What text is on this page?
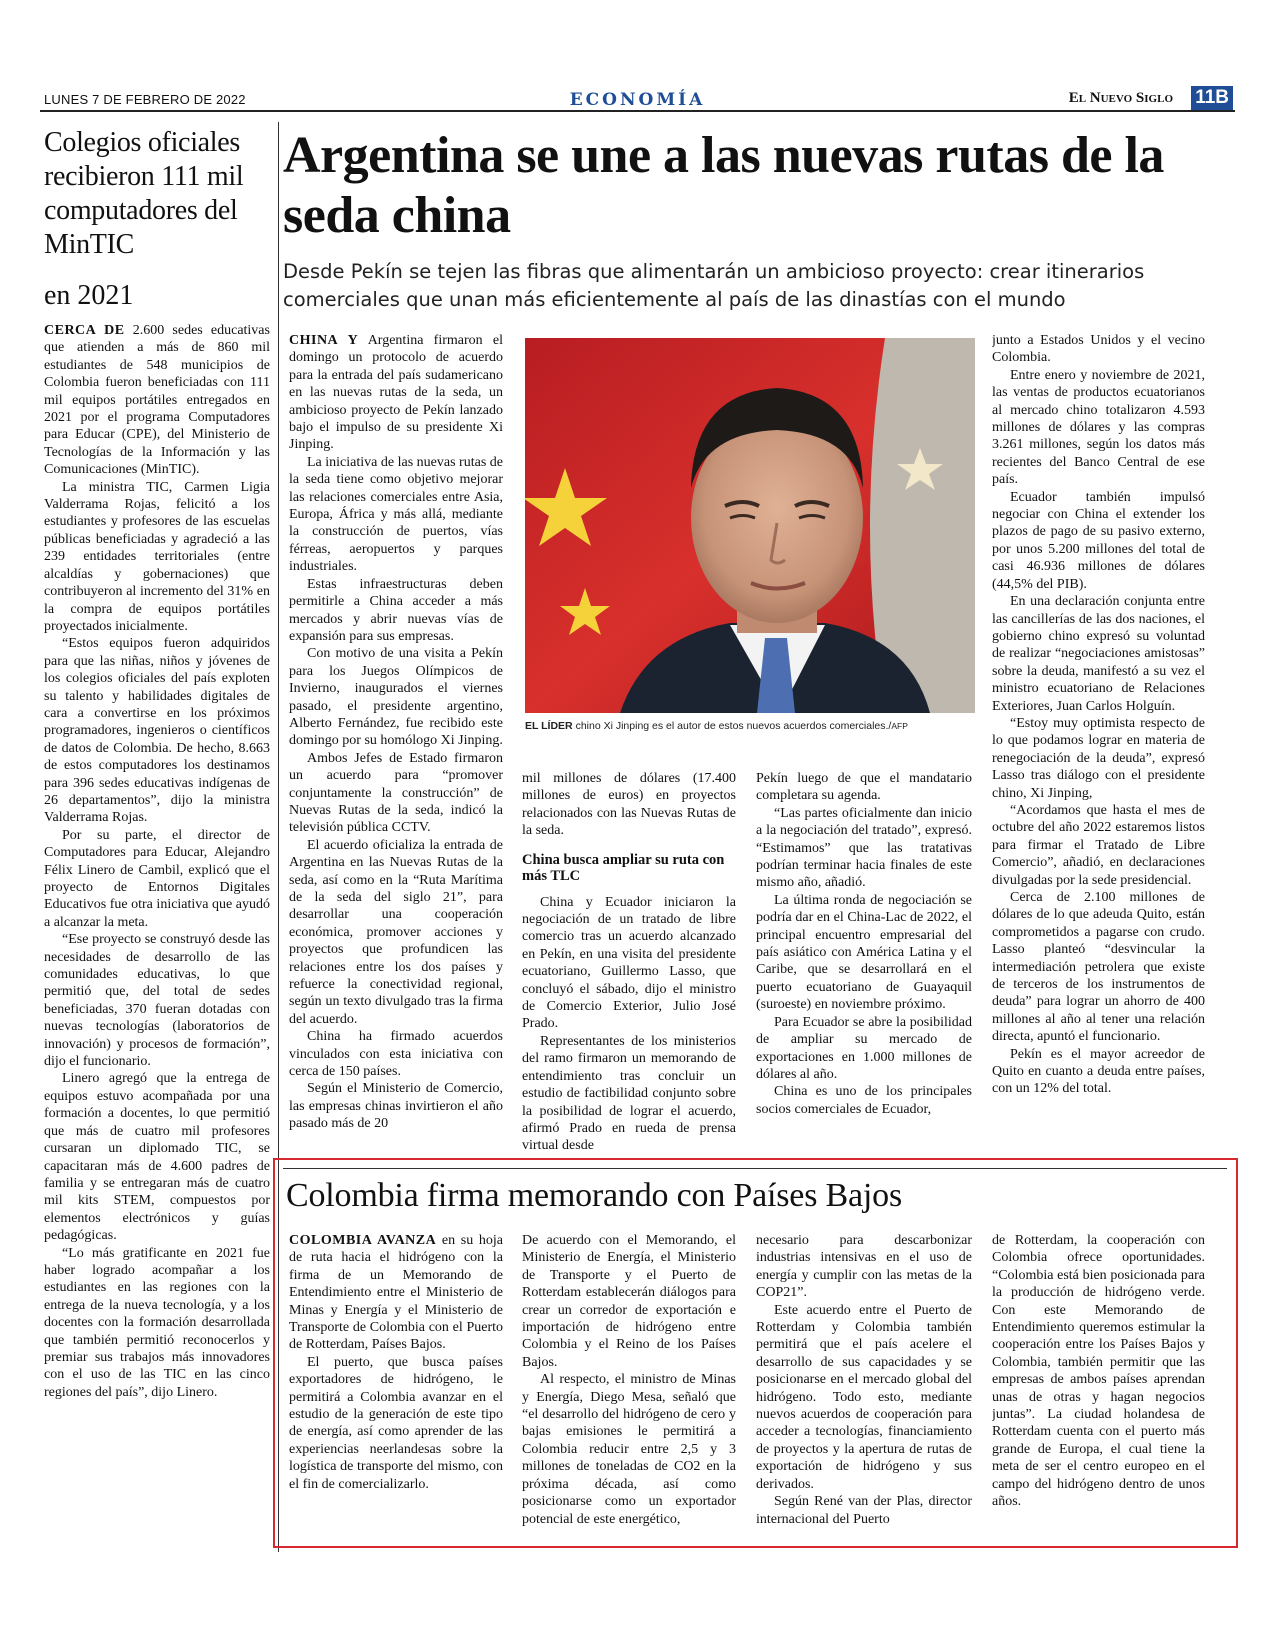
LUNES 7 DE FEBRERO DE 2022	ECONOMÍA	El Nuevo Siglo 11B
Colegios oficiales recibieron 111 mil computadores del MinTIC
en 2021

CERCA DE 2.600 sedes educativas que atienden a más de 860 mil estudiantes de 548 municipios de Colombia fueron beneficiadas con 111 mil equipos portátiles entregados en 2021 por el programa Computadores para Educar (CPE), del Ministerio de Tecnologías de la Información y las Comunicaciones (MinTIC).

La ministra TIC, Carmen Ligia Valderrama Rojas, felicitó a los estudiantes y profesores de las escuelas públicas beneficiadas y agradeció a las 239 entidades territoriales (entre alcaldías y gobernaciones) que contribuyeron al incremento del 31% en la compra de equipos portátiles proyectados inicialmente.

“Estos equipos fueron adquiridos para que las niñas, niños y jóvenes de los colegios oficiales del país exploten su talento y habilidades digitales de cara a convertirse en los próximos programadores, ingenieros o científicos de datos de Colombia. De hecho, 8.663 de estos computadores los destinamos para 396 sedes educativas indígenas de 26 departamentos”, dijo la ministra Valderrama Rojas.

Por su parte, el director de Computadores para Educar, Alejandro Félix Linero de Cambil, explicó que el proyecto de Entornos Digitales Educativos fue otra iniciativa que ayudó a alcanzar la meta.

“Ese proyecto se construyó desde las necesidades de desarrollo de las comunidades educativas, lo que permitió que, del total de sedes beneficiadas, 370 fueran dotadas con nuevas tecnologías (laboratorios de innovación) y procesos de formación”, dijo el funcionario.

Linero agregó que la entrega de equipos estuvo acompañada por una formación a docentes, lo que permitió que más de cuatro mil profesores cursaran un diplomado TIC, se capacitaran más de 4.600 padres de familia y se entregaran más de cuatro mil kits STEM, compuestos por elementos electrónicos y guías pedagógicas.

“Lo más gratificante en 2021 fue haber logrado acompañar a los estudiantes en las regiones con la entrega de la nueva tecnología, y a los docentes con la formación desarrollada que también permitió reconocerlos y premiar sus trabajos más innovadores con el uso de las TIC en las cinco regiones del país”, dijo Linero.

Argentina se une a las nuevas rutas de la seda china
Desde Pekín se tejen las fibras que alimentarán un ambicioso proyecto: crear itinerarios comerciales que unan más eficientemente al país de las dinastías con el mundo
EL LÍDER chino Xi Jinping es el autor de estos nuevos acuerdos comerciales./AFP

CHINA Y Argentina firmaron el domingo un protocolo de acuerdo para la entrada del país sudamericano en las nuevas rutas de la seda, un ambicioso proyecto de Pekín lanzado bajo el impulso de su presidente Xi Jinping.

La iniciativa de las nuevas rutas de la seda tiene como objetivo mejorar las relaciones comerciales entre Asia, Europa, África y más allá, mediante la construcción de puertos, vías férreas, aeropuertos y parques industriales.

Estas infraestructuras deben permitirle a China acceder a más mercados y abrir nuevas vías de expansión para sus empresas.

Con motivo de una visita a Pekín para los Juegos Olímpicos de Invierno, inaugurados el viernes pasado, el presidente argentino, Alberto Fernández, fue recibido este domingo por su homólogo Xi Jinping.

Ambos Jefes de Estado firmaron un acuerdo para “promover conjuntamente la construcción” de Nuevas Rutas de la seda, indicó la televisión pública CCTV.

El acuerdo oficializa la entrada de Argentina en las Nuevas Rutas de la seda, así como en la “Ruta Marítima de la seda del siglo 21”, para desarrollar una cooperación económica, promover acciones y proyectos que profundicen las relaciones entre los dos países y refuerce la conectividad regional, según un texto divulgado tras la firma del acuerdo.

China ha firmado acuerdos vinculados con esta iniciativa con cerca de 150 países.

Según el Ministerio de Comercio, las empresas chinas invirtieron el año pasado más de 20

mil millones de dólares (17.400 millones de euros) en proyectos relacionados con las Nuevas Rutas de la seda.

China busca ampliar su ruta con más TLC

China y Ecuador iniciaron la negociación de un tratado de libre comercio tras un acuerdo alcanzado en Pekín, en una visita del presidente ecuatoriano, Guillermo Lasso, que concluyó el sábado, dijo el ministro de Comercio Exterior, Julio José Prado.

Representantes de los ministerios del ramo firmaron un memorando de entendimiento tras concluir un estudio de factibilidad conjunto sobre la posibilidad de lograr el acuerdo, afirmó Prado en rueda de prensa virtual desde

Pekín luego de que el mandatario completara su agenda.

“Las partes oficialmente dan inicio a la negociación del tratado”, expresó. “Estimamos” que las tratativas podrían terminar hacia finales de este mismo año, añadió.

La última ronda de negociación se podría dar en el China-Lac de 2022, el principal encuentro empresarial del país asiático con América Latina y el Caribe, que se desarrollará en el puerto ecuatoriano de Guayaquil (suroeste) en noviembre próximo.

Para Ecuador se abre la posibilidad de ampliar su mercado de exportaciones en 1.000 millones de dólares al año.

China es uno de los principales socios comerciales de Ecuador,

junto a Estados Unidos y el vecino Colombia.

Entre enero y noviembre de 2021, las ventas de productos ecuatorianos al mercado chino totalizaron 4.593 millones de dólares y las compras 3.261 millones, según los datos más recientes del Banco Central de ese país.

Ecuador también impulsó negociar con China el extender los plazos de pago de su pasivo externo, por unos 5.200 millones del total de casi 46.936 millones de dólares (44,5% del PIB).

En una declaración conjunta entre las cancillerías de las dos naciones, el gobierno chino expresó su voluntad de realizar “negociaciones amistosas” sobre la deuda, manifestó a su vez el ministro ecuatoriano de Relaciones Exteriores, Juan Carlos Holguín.

“Estoy muy optimista respecto de lo que podamos lograr en materia de renegociación de la deuda”, expresó Lasso tras diálogo con el presidente chino, Xi Jinping,

“Acordamos que hasta el mes de octubre del año 2022 estaremos listos para firmar el Tratado de Libre Comercio”, añadió, en declaraciones divulgadas por la sede presidencial.

Cerca de 2.100 millones de dólares de lo que adeuda Quito, están comprometidos a pagarse con crudo. Lasso planteó “desvincular la intermediación petrolera que existe de terceros de los instrumentos de deuda” para lograr un ahorro de 400 millones al año al tener una relación directa, apuntó el funcionario.

Pekín es el mayor acreedor de Quito en cuanto a deuda entre países, con un 12% del total.

Colombia firma memorando con Países Bajos

COLOMBIA AVANZA en su hoja de ruta hacia el hidrógeno con la firma de un Memorando de Entendimiento entre el Ministerio de Minas y Energía y el Ministerio de Transporte de Colombia con el Puerto de Rotterdam, Países Bajos.

El puerto, que busca países exportadores de hidrógeno, le permitirá a Colombia avanzar en el estudio de la generación de este tipo de energía, así como aprender de las experiencias neerlandesas sobre la logística de transporte del mismo, con el fin de comercializarlo.

De acuerdo con el Memorando, el Ministerio de Energía, el Ministerio de Transporte y el Puerto de Rotterdam establecerán diálogos para crear un corredor de exportación e importación de hidrógeno entre Colombia y el Reino de los Países Bajos.

Al respecto, el ministro de Minas y Energía, Diego Mesa, señaló que “el desarrollo del hidrógeno de cero y bajas emisiones le permitirá a Colombia reducir entre 2,5 y 3 millones de toneladas de CO2 en la próxima década, así como posicionarse como un exportador potencial de este energético,

necesario para descarbonizar industrias intensivas en el uso de energía y cumplir con las metas de la COP21”.

Este acuerdo entre el Puerto de Rotterdam y Colombia también permitirá que el país acelere el desarrollo de sus capacidades y se posicionarse en el mercado global del hidrógeno. Todo esto, mediante nuevos acuerdos de cooperación para acceder a tecnologías, financiamiento de proyectos y la apertura de rutas de exportación de hidrógeno y sus derivados.

Según René van der Plas, director internacional del Puerto

de Rotterdam, la cooperación con Colombia ofrece oportunidades. “Colombia está bien posicionada para la producción de hidrógeno verde. Con este Memorando de Entendimiento queremos estimular la cooperación entre los Países Bajos y Colombia, también permitir que las empresas de ambos países aprendan unas de otras y hagan negocios juntas”. La ciudad holandesa de Rotterdam cuenta con el puerto más grande de Europa, el cual tiene la meta de ser el centro europeo en el campo del hidrógeno dentro de unos años.
